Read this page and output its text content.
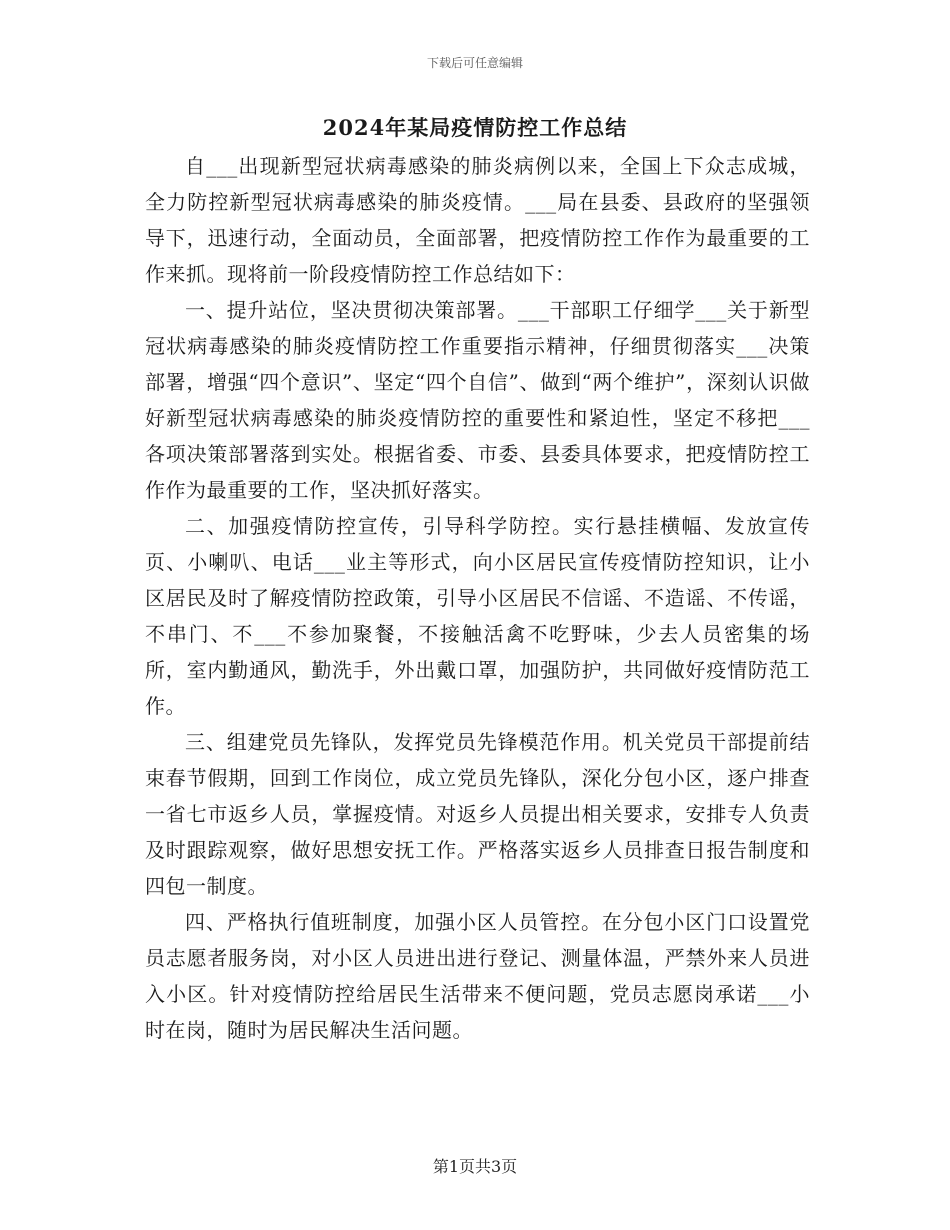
下载后可任意编辑
2024年某局疫情防控工作总结

自___出现新型冠状病毒感染的肺炎病例以来，全国上下众志成城，全力防控新型冠状病毒感染的肺炎疫情。___局在县委、县政府的坚强领导下，迅速行动，全面动员，全面部署，把疫情防控工作作为最重要的工作来抓。现将前一阶段疫情防控工作总结如下：

一、提升站位，坚决贯彻决策部署。___干部职工仔细学___关于新型冠状病毒感染的肺炎疫情防控工作重要指示精神，仔细贯彻落实___决策部署，增强“四个意识”、坚定“四个自信”、做到“两个维护”，深刻认识做好新型冠状病毒感染的肺炎疫情防控的重要性和紧迫性，坚定不移把___各项决策部署落到实处。根据省委、市委、县委具体要求，把疫情防控工作作为最重要的工作，坚决抓好落实。

二、加强疫情防控宣传，引导科学防控。实行悬挂横幅、发放宣传页、小喇叭、电话___业主等形式，向小区居民宣传疫情防控知识，让小区居民及时了解疫情防控政策，引导小区居民不信谣、不造谣、不传谣，不串门、不___不参加聚餐，不接触活禽不吃野味，少去人员密集的场所，室内勤通风，勤洗手，外出戴口罩，加强防护，共同做好疫情防范工作。

三、组建党员先锋队，发挥党员先锋模范作用。机关党员干部提前结束春节假期，回到工作岗位，成立党员先锋队，深化分包小区，逐户排查一省七市返乡人员，掌握疫情。对返乡人员提出相关要求，安排专人负责及时跟踪观察，做好思想安抚工作。严格落实返乡人员排查日报告制度和四包一制度。

四、严格执行值班制度，加强小区人员管控。在分包小区门口设置党员志愿者服务岗，对小区人员进出进行登记、测量体温，严禁外来人员进入小区。针对疫情防控给居民生活带来不便问题，党员志愿岗承诺___小时在岗，随时为居民解决生活问题。

第1页共3页
